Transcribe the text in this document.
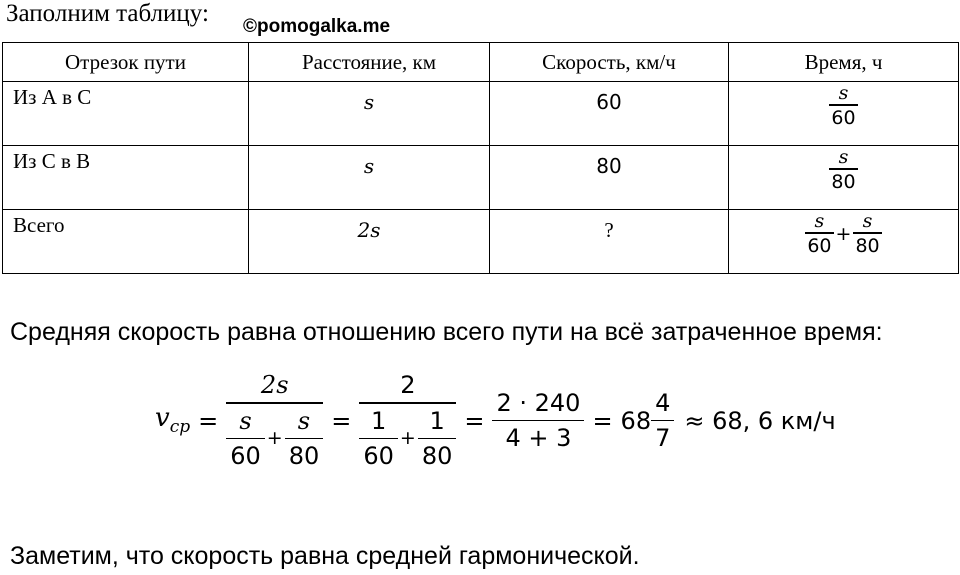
Заполним таблицу: ©pomogalka.me
Отрезок пути	Расстояние, км	Скорость, км/ч	Время, ч
Из А в С	s	60	$\frac{s}{60}$

Из С в В	s	80	$\frac{s}{80}$

Всего	2s	?	$\frac{s}{60} + \frac{s}{80}$
Средняя скорость равна отношению всего пути на всё затраченное время:
$v_{cp} = \frac{2s}{\frac{s}{60} + \frac{s}{80}} = \frac{2}{\frac{1}{60} + \frac{1}{80}} = \frac{2 \cdot 240}{4 + 3} = 68 \frac{4}{7} \approx 68$, 6 км/ч
Заметим, что скорость равна средней гармонической.
